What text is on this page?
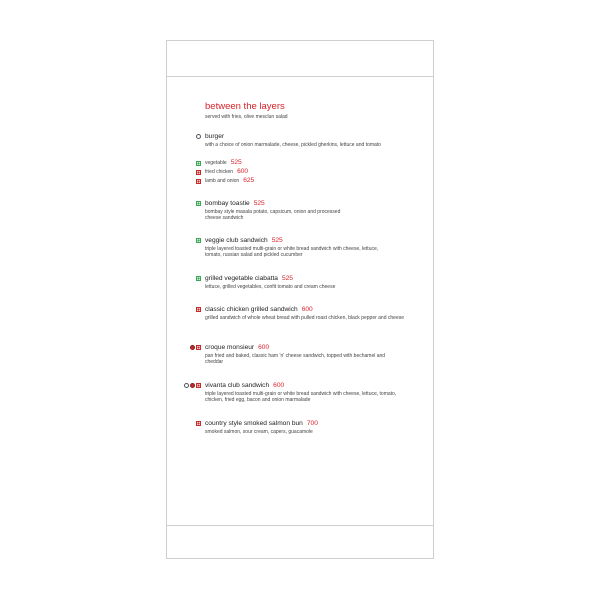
between the layers
served with fries, olive mesclun salad
burger
with a choice of onion marmalade, cheese, pickled gherkins, lettuce and tomato
vegetable 525
fried chicken 600
lamb and onion 625
bombay toastie 525
bombay style masala potato, capsicum, onion and processed cheese sandwich
veggie club sandwich 525
triple layered toasted multi-grain or white bread sandwich with cheese, lettuce, tomato, russian salad and pickled cucumber
grilled vegetable ciabatta 525
lettuce, grilled vegetables, confit tomato and cream cheese
classic chicken grilled sandwich 600
grilled sandwich of whole wheat bread with pulled roast chicken, black pepper and cheese
croque monsieur 600
pan fried and baked, classic ham 'n' cheese sandwich, topped with bechamel and cheddar
vivanta club sandwich 600
triple layered toasted multi-grain or white bread sandwich with cheese, lettuce, tomato, chicken, fried egg, bacon and onion marmalade
country style smoked salmon bun 700
smoked salmon, sour cream, capers, guacamole
